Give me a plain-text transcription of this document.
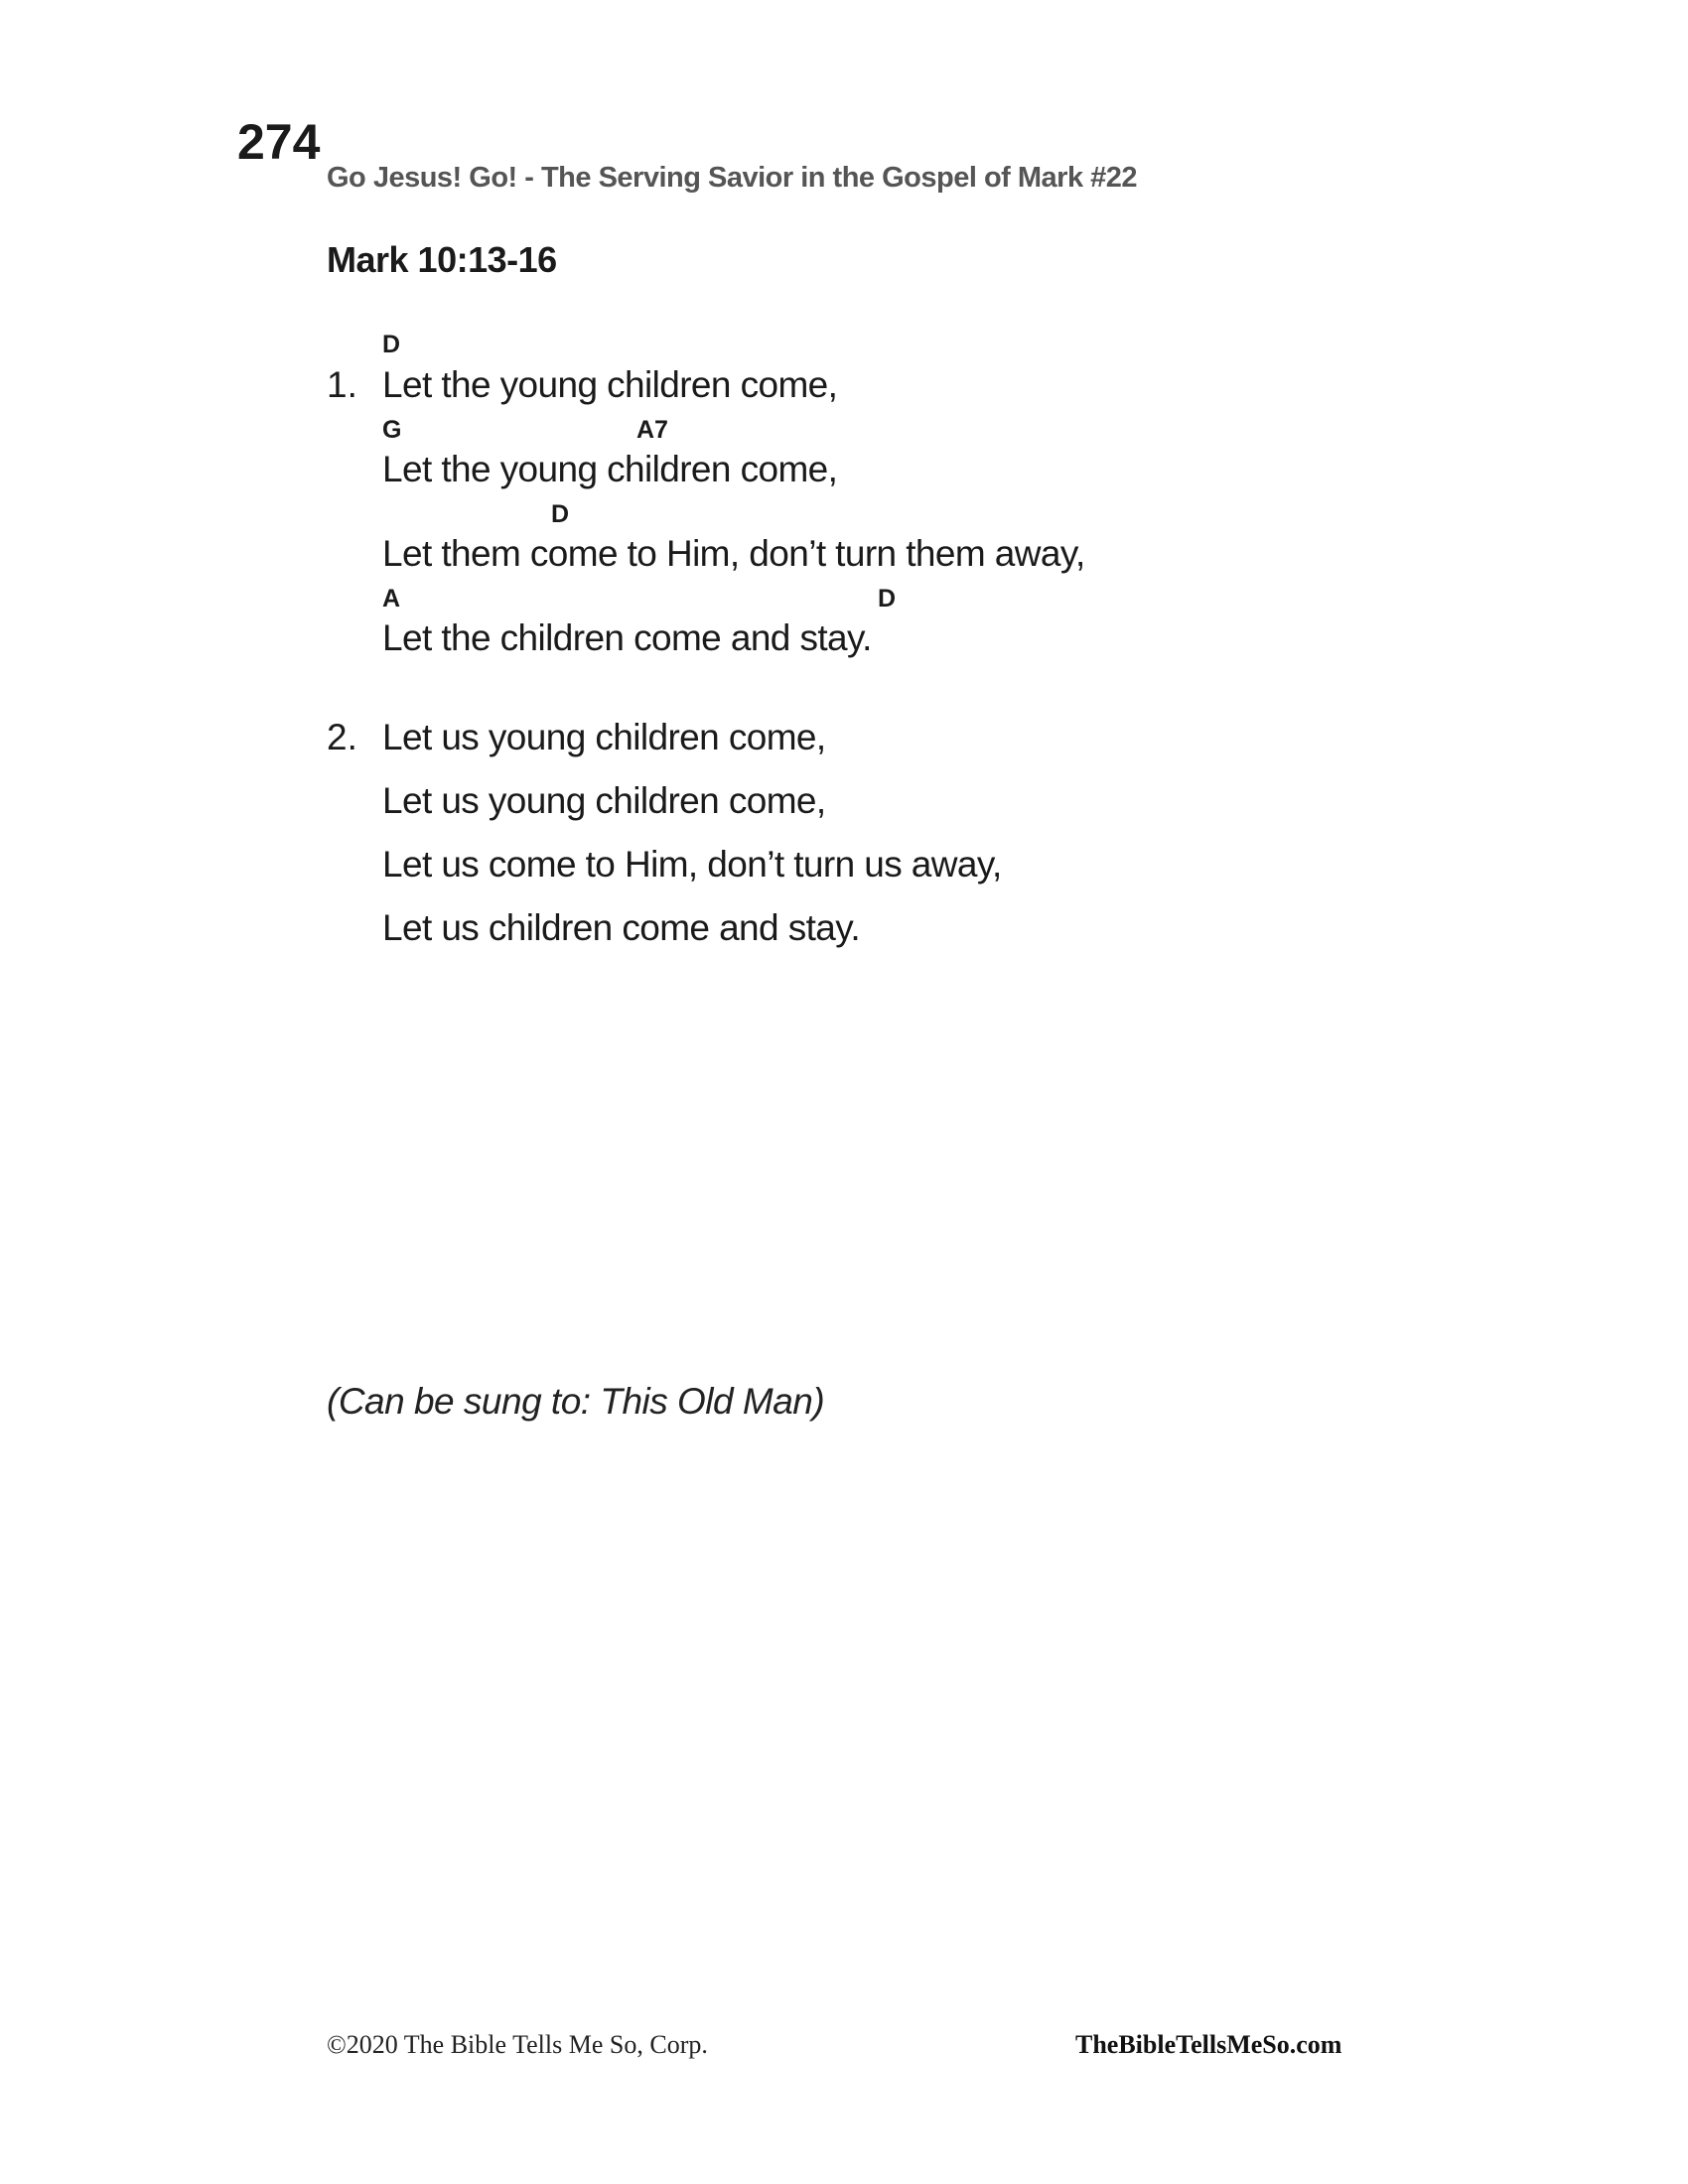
274
Go Jesus! Go! - The Serving Savior in the Gospel of Mark #22
Mark 10:13-16
1.
D
Let the young children come,
G	A7
Let the young children come,
D
Let them come to Him, don’t turn them away,
A	D
Let the children come and stay.
2. Let us young children come,
Let us young children come,
Let us come to Him, don’t turn us away,
Let us children come and stay.
(Can be sung to: This Old Man)
©2020 The Bible Tells Me So, Corp.	TheBibleTellsMeSo.com
